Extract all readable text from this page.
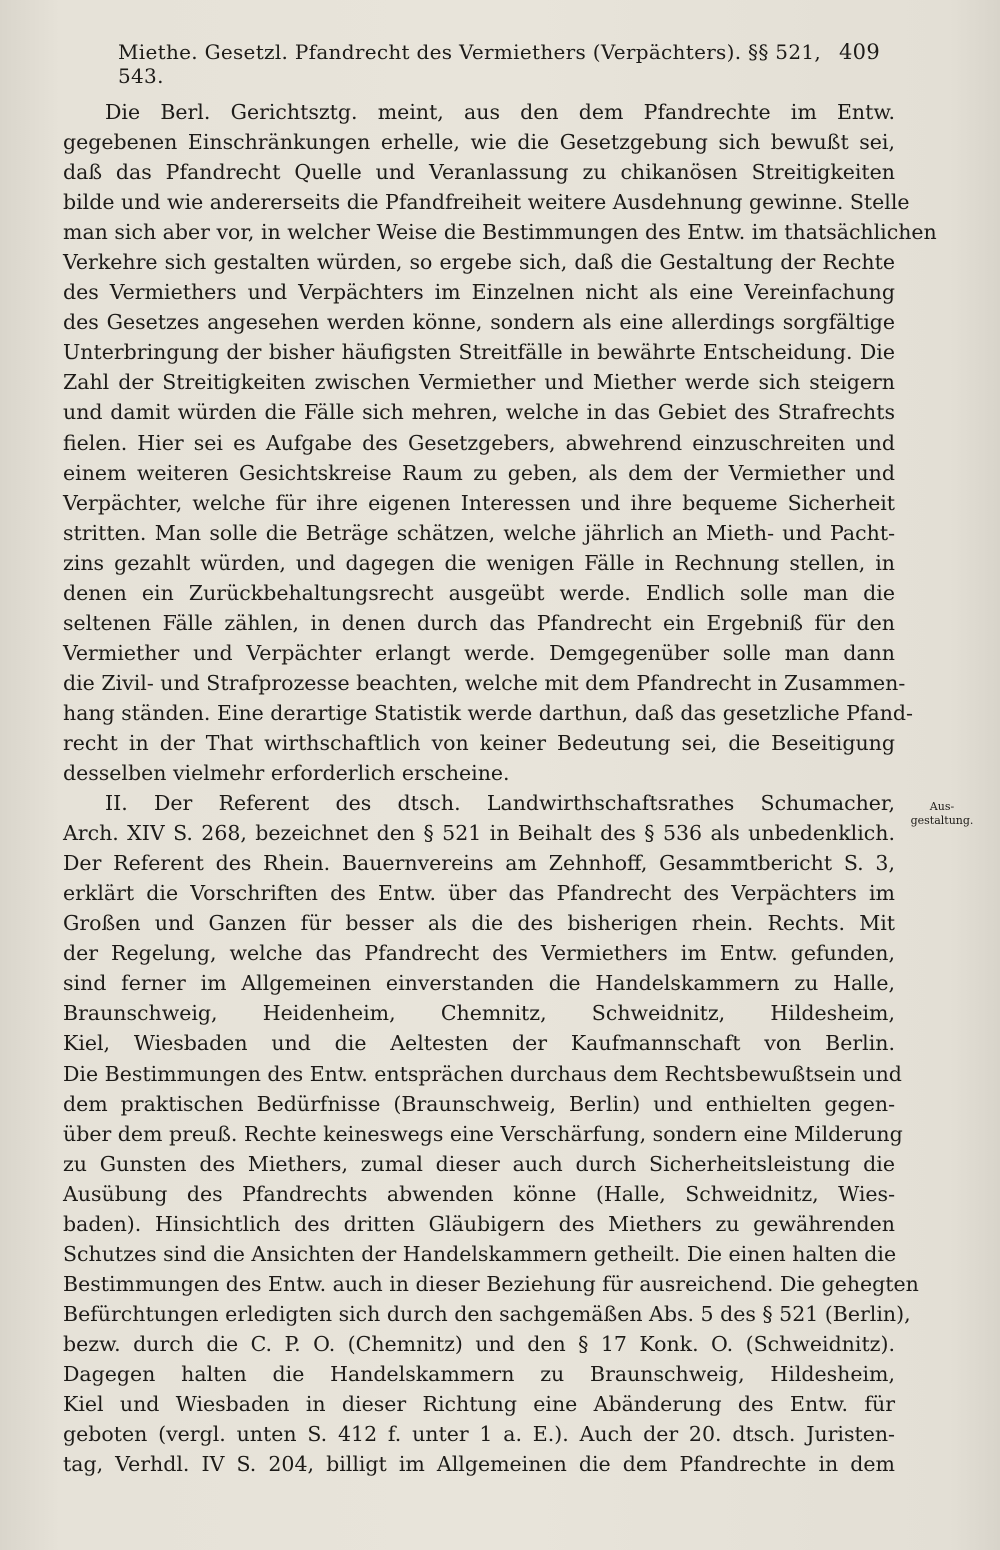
Miethe. Gesetzl. Pfandrecht des Vermiethers (Verpächters). §§ 521, 543.
409
Die Berl. Gerichtsztg. meint, aus den dem Pfandrechte im Entw.
gegebenen Einschränkungen erhelle, wie die Gesetzgebung sich bewußt sei,
daß das Pfandrecht Quelle und Veranlassung zu chikanösen Streitigkeiten
bilde und wie andererseits die Pfandfreiheit weitere Ausdehnung gewinne. Stelle
man sich aber vor, in welcher Weise die Bestimmungen des Entw. im thatsächlichen
Verkehre sich gestalten würden, so ergebe sich, daß die Gestaltung der Rechte
des Vermiethers und Verpächters im Einzelnen nicht als eine Vereinfachung
des Gesetzes angesehen werden könne, sondern als eine allerdings sorgfältige
Unterbringung der bisher häufigsten Streitfälle in bewährte Entscheidung. Die
Zahl der Streitigkeiten zwischen Vermiether und Miether werde sich steigern
und damit würden die Fälle sich mehren, welche in das Gebiet des Strafrechts
fielen. Hier sei es Aufgabe des Gesetzgebers, abwehrend einzuschreiten und
einem weiteren Gesichtskreise Raum zu geben, als dem der Vermiether und
Verpächter, welche für ihre eigenen Interessen und ihre bequeme Sicherheit
stritten. Man solle die Beträge schätzen, welche jährlich an Mieth- und Pacht-
zins gezahlt würden, und dagegen die wenigen Fälle in Rechnung stellen, in
denen ein Zurückbehaltungsrecht ausgeübt werde. Endlich solle man die
seltenen Fälle zählen, in denen durch das Pfandrecht ein Ergebniß für den
Vermiether und Verpächter erlangt werde. Demgegenüber solle man dann
die Zivil- und Strafprozesse beachten, welche mit dem Pfandrecht in Zusammen-
hang ständen. Eine derartige Statistik werde darthun, daß das gesetzliche Pfand-
recht in der That wirthschaftlich von keiner Bedeutung sei, die Beseitigung
desselben vielmehr erforderlich erscheine.
II. Der Referent des dtsch. Landwirthschaftsrathes Schumacher,
Arch. XIV S. 268, bezeichnet den § 521 in Beihalt des § 536 als unbedenklich.
Der Referent des Rhein. Bauernvereins am Zehnhoff, Gesammtbericht S. 3,
erklärt die Vorschriften des Entw. über das Pfandrecht des Verpächters im
Großen und Ganzen für besser als die des bisherigen rhein. Rechts. Mit
der Regelung, welche das Pfandrecht des Vermiethers im Entw. gefunden,
sind ferner im Allgemeinen einverstanden die Handelskammern zu Halle,
Braunschweig, Heidenheim, Chemnitz, Schweidnitz, Hildesheim,
Kiel, Wiesbaden und die Aeltesten der Kaufmannschaft von Berlin.
Die Bestimmungen des Entw. entsprächen durchaus dem Rechtsbewußtsein und
dem praktischen Bedürfnisse (Braunschweig, Berlin) und enthielten gegen-
über dem preuß. Rechte keineswegs eine Verschärfung, sondern eine Milderung
zu Gunsten des Miethers, zumal dieser auch durch Sicherheitsleistung die
Ausübung des Pfandrechts abwenden könne (Halle, Schweidnitz, Wies-
baden). Hinsichtlich des dritten Gläubigern des Miethers zu gewährenden
Schutzes sind die Ansichten der Handelskammern getheilt. Die einen halten die
Bestimmungen des Entw. auch in dieser Beziehung für ausreichend. Die gehegten
Befürchtungen erledigten sich durch den sachgemäßen Abs. 5 des § 521 (Berlin),
bezw. durch die C. P. O. (Chemnitz) und den § 17 Konk. O. (Schweidnitz).
Dagegen halten die Handelskammern zu Braunschweig, Hildesheim,
Kiel und Wiesbaden in dieser Richtung eine Abänderung des Entw. für
geboten (vergl. unten S. 412 f. unter 1 a. E.). Auch der 20. dtsch. Juristen-
tag, Verhdl. IV S. 204, billigt im Allgemeinen die dem Pfandrechte in dem
Aus-
gestaltung.
